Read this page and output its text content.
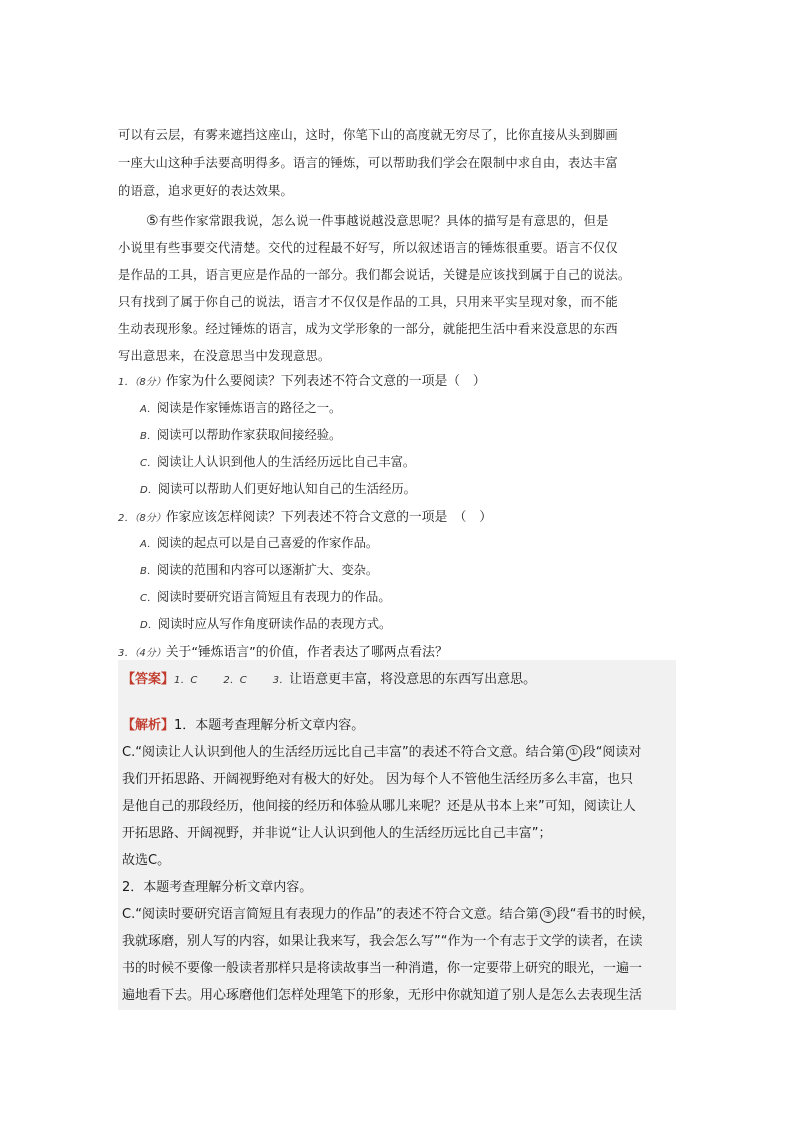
可以有云层，有雾来遮挡这座山，这时，你笔下山的高度就无穷尽了，比你直接从头到脚画
一座大山这种手法要高明得多。语言的锤炼，可以帮助我们学会在限制中求自由，表达丰富
的语意，追求更好的表达效果。
⑤有些作家常跟我说，怎么说一件事越说越没意思呢？具体的描写是有意思的，但是
小说里有些事要交代清楚。交代的过程最不好写，所以叙述语言的锤炼很重要。语言不仅仅
是作品的工具，语言更应是作品的一部分。我们都会说话，关键是应该找到属于自己的说法。
只有找到了属于你自己的说法，语言才不仅仅是作品的工具，只用来平实呈现对象，而不能
生动表现形象。经过锤炼的语言，成为文学形象的一部分，就能把生活中看来没意思的东西
写出意思来，在没意思当中发现意思。
1．（8分）作家为什么要阅读？下列表述不符合文意的一项是（　）
A．阅读是作家锤炼语言的路径之一。
B．阅读可以帮助作家获取间接经验。
C．阅读让人认识到他人的生活经历远比自己丰富。
D．阅读可以帮助人们更好地认知自己的生活经历。
2．（8分）作家应该怎样阅读？下列表述不符合文意的一项是　（　）
A．阅读的起点可以是自己喜爱的作家作品。
B．阅读的范围和内容可以逐渐扩大、变杂。
C．阅读时要研究语言简短且有表现力的作品。
D．阅读时应从写作角度研读作品的表现方式。
3．（4分）关于“锤炼语言”的价值，作者表达了哪两点看法？
【答案】1．C　　	2．C　　	3．让语意更丰富，将没意思的东西写出意思。
【解析】1．本题考查理解分析文章内容。
C.“阅读让人认识到他人的生活经历远比自己丰富”的表述不符合文意。结合第 ① 段“阅读对
我们开拓思路、开阔视野绝对有极大的好处。 因为每个人不管他生活经历多么丰富，也只
是他自己的那段经历，他间接的经历和体验从哪儿来呢？还是从书本上来”可知，阅读让人
开拓思路、开阔视野，并非说“让人认识到他人的生活经历远比自己丰富”；
故选C。
2．本题考查理解分析文章内容。
C.“阅读时要研究语言简短且有表现力的作品”的表述不符合文意。结合第 ③ 段“看书的时候，
我就琢磨，别人写的内容，如果让我来写，我会怎么写”“作为一个有志于文学的读者，在读
书的时候不要像一般读者那样只是将读故事当一种消遣，你一定要带上研究的眼光，一遍一
遍地看下去。用心琢磨他们怎样处理笔下的形象，无形中你就知道了别人是怎么去表现生活
